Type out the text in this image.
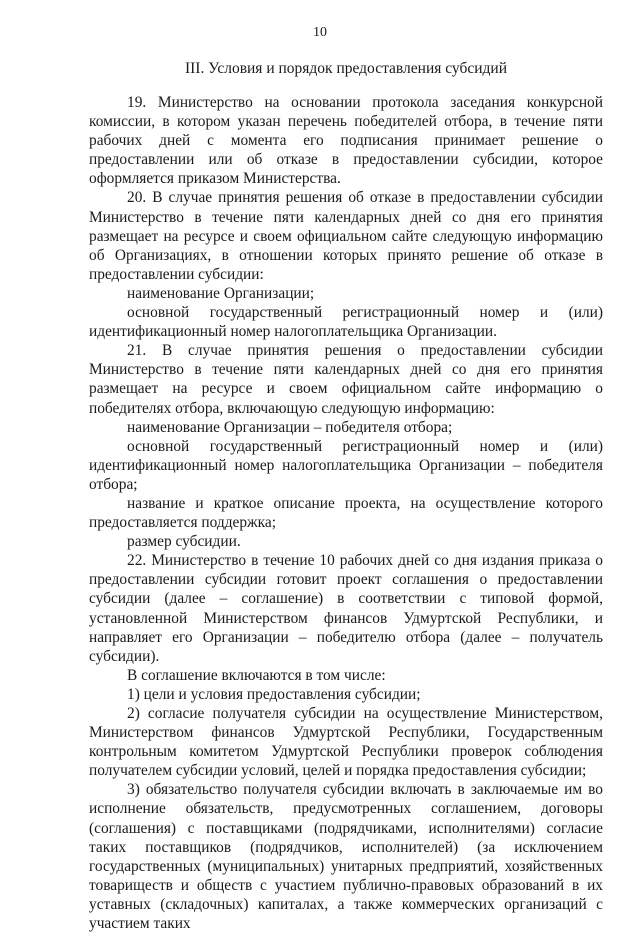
10
III. Условия и порядок предоставления субсидий

19. Министерство на основании протокола заседания конкурсной комиссии, в котором указан перечень победителей отбора, в течение пяти рабочих дней с момента его подписания принимает решение о предоставлении или об отказе в предоставлении субсидии, которое оформляется приказом Министерства.

20. В случае принятия решения об отказе в предоставлении субсидии Министерство в течение пяти календарных дней со дня его принятия размещает на ресурсе и своем официальном сайте следующую информацию об Организациях, в отношении которых принято решение об отказе в предоставлении субсидии:

наименование Организации;

основной государственный регистрационный номер и (или) идентификационный номер налогоплательщика Организации.

21. В случае принятия решения о предоставлении субсидии Министерство в течение пяти календарных дней со дня его принятия размещает на ресурсе и своем официальном сайте информацию о победителях отбора, включающую следующую информацию:

наименование Организации – победителя отбора;

основной государственный регистрационный номер и (или) идентификационный номер налогоплательщика Организации – победителя отбора;

название и краткое описание проекта, на осуществление которого предоставляется поддержка;

размер субсидии.

22. Министерство в течение 10 рабочих дней со дня издания приказа о предоставлении субсидии готовит проект соглашения о предоставлении субсидии (далее – соглашение) в соответствии с типовой формой, установленной Министерством финансов Удмуртской Республики, и направляет его Организации – победителю отбора (далее – получатель субсидии).

В соглашение включаются в том числе:

1) цели и условия предоставления субсидии;

2) согласие получателя субсидии на осуществление Министерством, Министерством финансов Удмуртской Республики, Государственным контрольным комитетом Удмуртской Республики проверок соблюдения получателем субсидии условий, целей и порядка предоставления субсидии;

3) обязательство получателя субсидии включать в заключаемые им во исполнение обязательств, предусмотренных соглашением, договоры (соглашения) с поставщиками (подрядчиками, исполнителями) согласие таких поставщиков (подрядчиков, исполнителей) (за исключением государственных (муниципальных) унитарных предприятий, хозяйственных товариществ и обществ с участием публично-правовых образований в их уставных (складочных) капиталах, а также коммерческих организаций с участием таких
